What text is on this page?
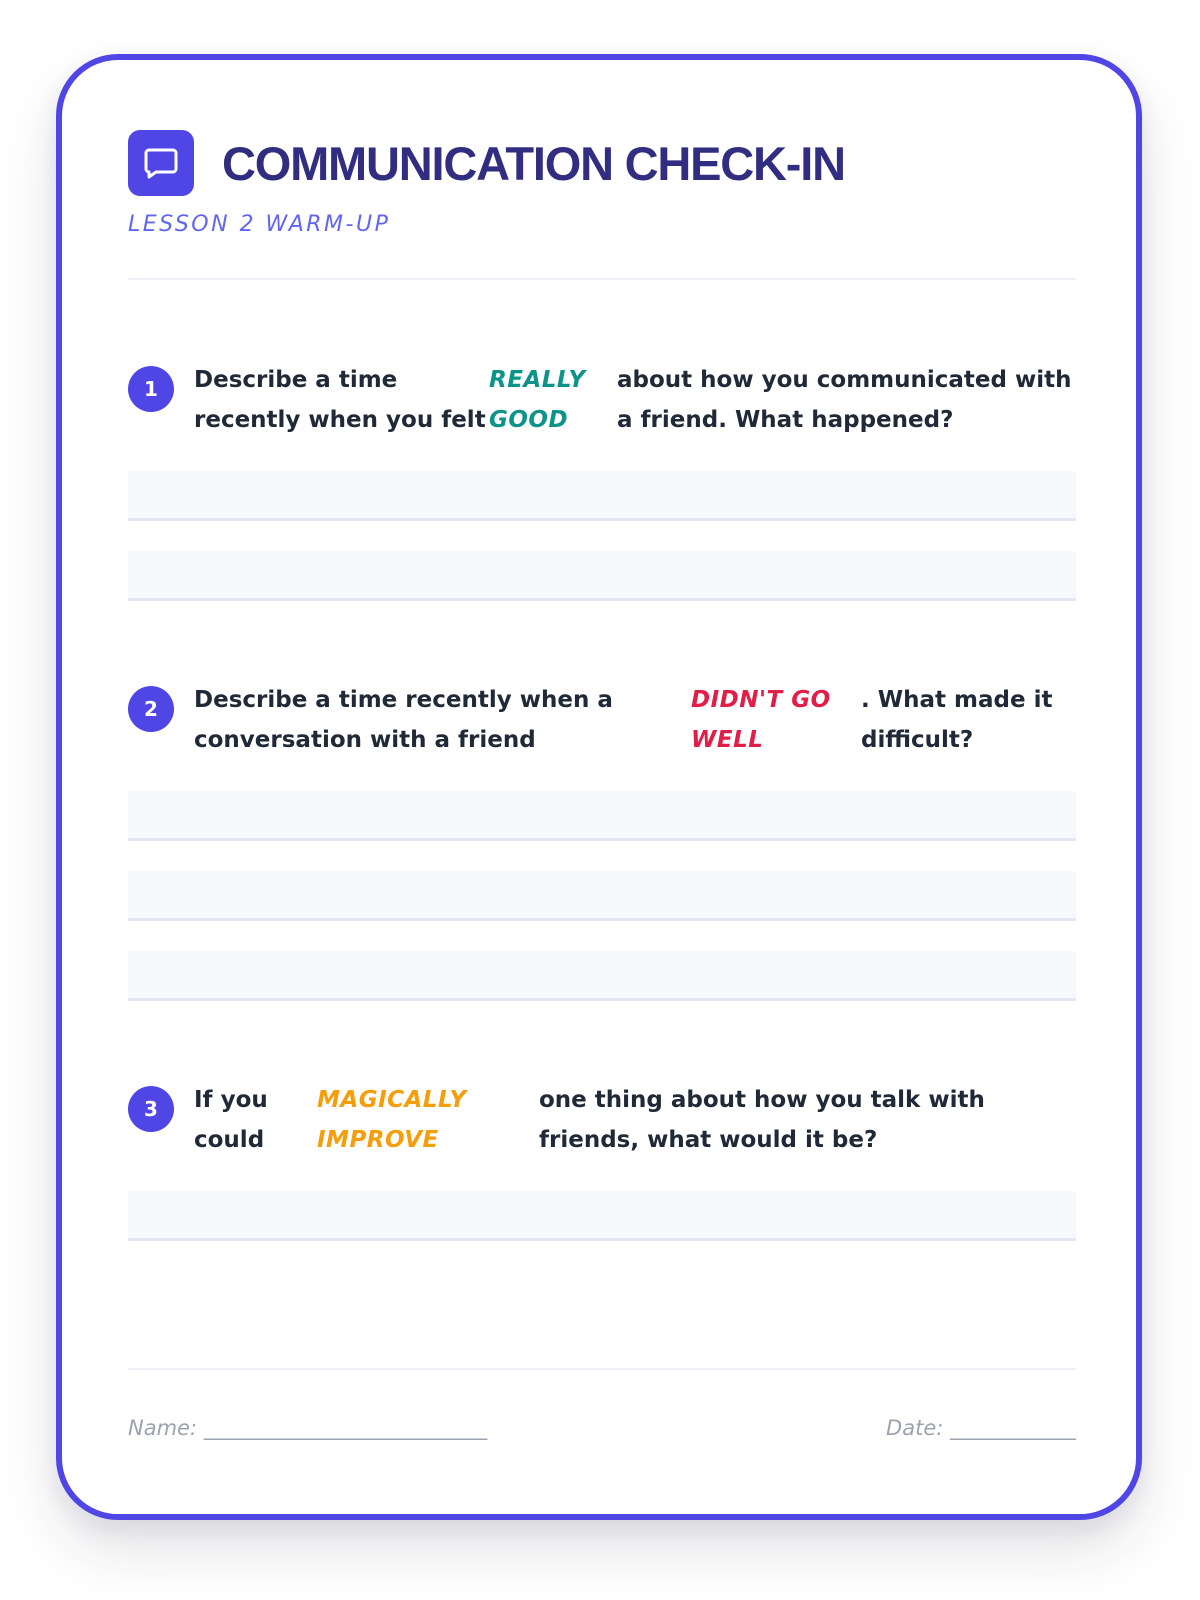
COMMUNICATION CHECK-IN
LESSON 2 WARM-UP
1	Describe a time recently when you felt
REALLY GOOD
about how you communicated with a friend. What happened?
2	Describe a time recently when a conversation with a friend
DIDN'T GO WELL
. What made it difficult?
3	If you could
MAGICALLY IMPROVE
one thing about how you talk with friends, what would it be?
Name: ___________________________	Date: ____________
